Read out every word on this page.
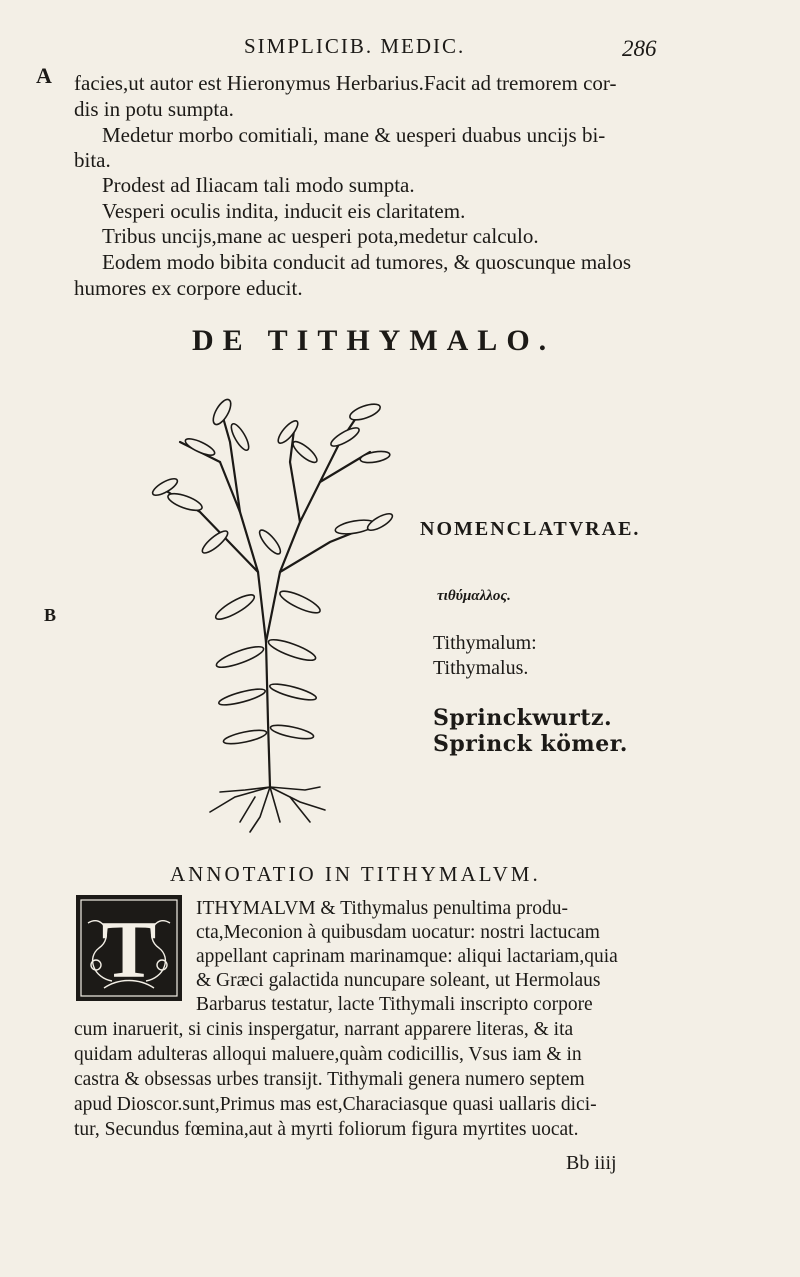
SIMPLICIB. MEDIC.	286
A
B
facies,ut autor est Hieronymus Herbarius.Facit ad tremorem cor-
dis in potu sumpta.
Medetur morbo comitiali, mane & uesperi duabus uncijs bi-
bita.
Prodest ad Iliacam tali modo sumpta.
Vesperi oculis indita, inducit eis claritatem.
Tribus uncijs,mane ac uesperi pota,medetur calculo.
Eodem modo bibita conducit ad tumores, & quoscunque malos
humores ex corpore educit.
DE TITHYMALO.
NOMENCLATVRAE.
τιθύμαλλος.
Tithymalum:
Tithymalus.
Sprinckwurtz.
Sprinck kömer.
ANNOTATIO IN TITHYMALVM.
T ITHYMALVM & Tithymalus penultima produ-
cta,Meconion à quibusdam uocatur: nostri lactucam
appellant caprinam marinamque: aliqui lactariam,quia
& Græci galactida nuncupare soleant, ut Hermolaus
Barbarus testatur, lacte Tithymali inscripto corpore
cum inaruerit, si cinis inspergatur, narrant apparere literas, & ita
quidam adulteras alloqui maluere,quàm codicillis, Vsus iam & in
castra & obsessas urbes transijt. Tithymali genera numero septem
apud Dioscor.sunt,Primus mas est,Characiasque quasi uallaris dici-
tur, Secundus fœmina,aut à myrti foliorum figura myrtites uocat.
Bb iiij
